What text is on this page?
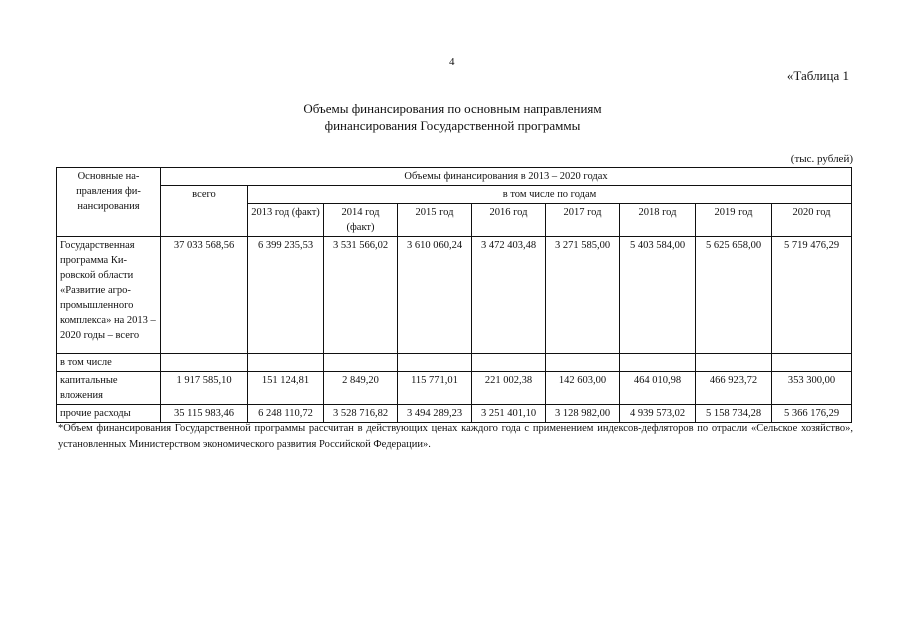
4
«Таблица 1
Объемы финансирования по основным направлениям
финансирования Государственной программы
(тыс. рублей)
Основные на-правления фи-нансирования	Объемы финансирования в 2013 – 2020 годах								
	всего	в том числе по годам							
		2013 год (факт)	2014 год (факт)	2015 год	2016 год	2017 год	2018 год	2019 год	2020 год
Государственная программа Ки-ровской области «Развитие агро-промышленного комплекса» на 2013 – 2020 годы – всего	37 033 568,56	6 399 235,53	3 531 566,02	3 610 060,24	3 472 403,48	3 271 585,00	5 403 584,00	5 625 658,00	5 719 476,29
в том числе									
капитальные вложения	1 917 585,10	151 124,81	2 849,20	115 771,01	221 002,38	142 603,00	464 010,98	466 923,72	353 300,00
прочие расходы	35 115 983,46	6 248 110,72	3 528 716,82	3 494 289,23	3 251 401,10	3 128 982,00	4 939 573,02	5 158 734,28	5 366 176,29
*Объем финансирования Государственной программы рассчитан в действующих ценах каждого года с применением индексов-дефляторов по отрасли «Сельское хозяйство», установленных Министерством экономического развития Российской Федерации».
